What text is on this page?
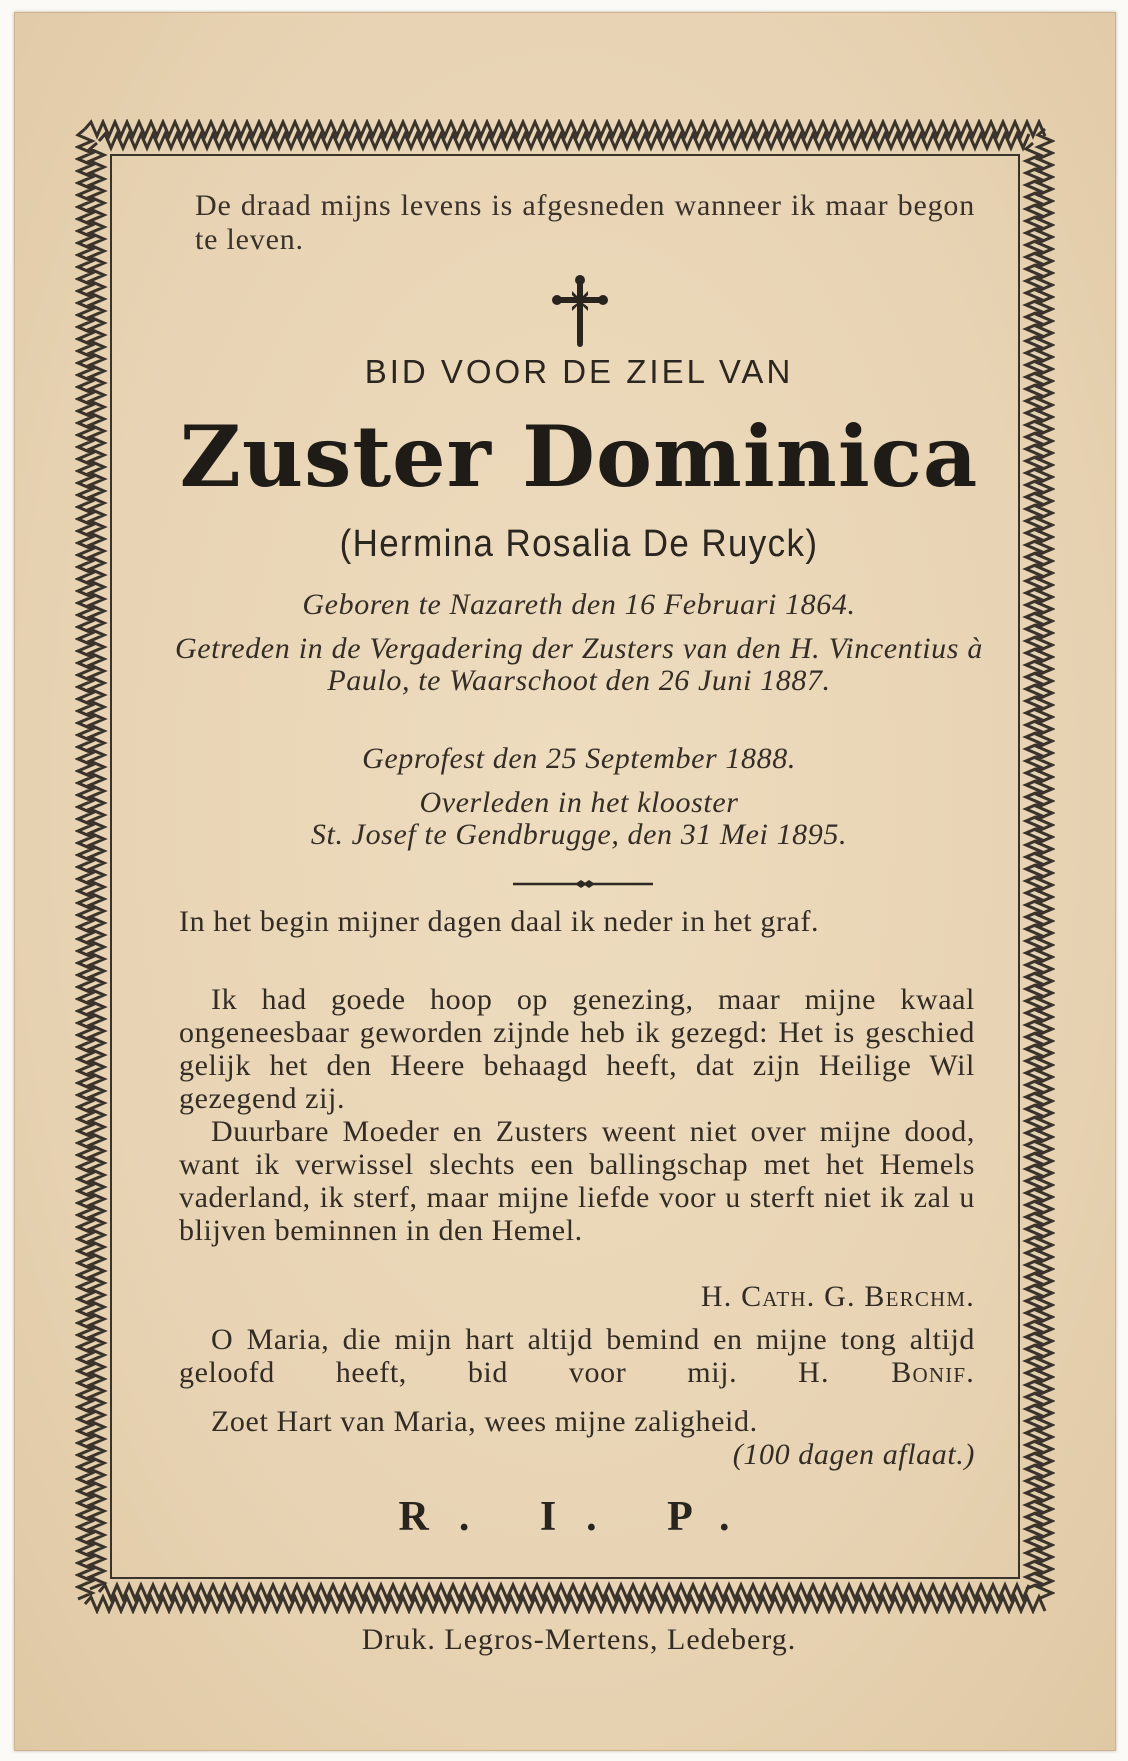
De draad mijns levens is afgesneden wanneer ik maar begon te leven.
BID VOOR DE ZIEL VAN
Zuster Dominica
(Hermina Rosalia De Ruyck)
Geboren te Nazareth den 16 Februari 1864.
Getreden in de Vergadering der Zusters van den H. Vincentius à Paulo, te Waarschoot den 26 Juni 1887.
Geprofest den 25 September 1888.
Overleden in het klooster
St. Josef te Gendbrugge, den 31 Mei 1895.
In het begin mijner dagen daal ik neder in het graf.
Ik had goede hoop op genezing, maar mijne kwaal ongeneesbaar geworden zijnde heb ik gezegd: Het is geschied gelijk het den Heere behaagd heeft, dat zijn Heilige Wil gezegend zij.
Duurbare Moeder en Zusters weent niet over mijne dood, want ik verwissel slechts een ballingschap met het Hemels vaderland, ik sterf, maar mijne liefde voor u sterft niet ik zal u blijven beminnen in den Hemel.
H. Cath. G. Berchm.
O Maria, die mijn hart altijd bemind en mijne tong altijd geloofd heeft, bid voor mij. H. Bonif.
Zoet Hart van Maria, wees mijne zaligheid.
(100 dagen aflaat.)
R. I. P.
Druk. Legros-Mertens, Ledeberg.
